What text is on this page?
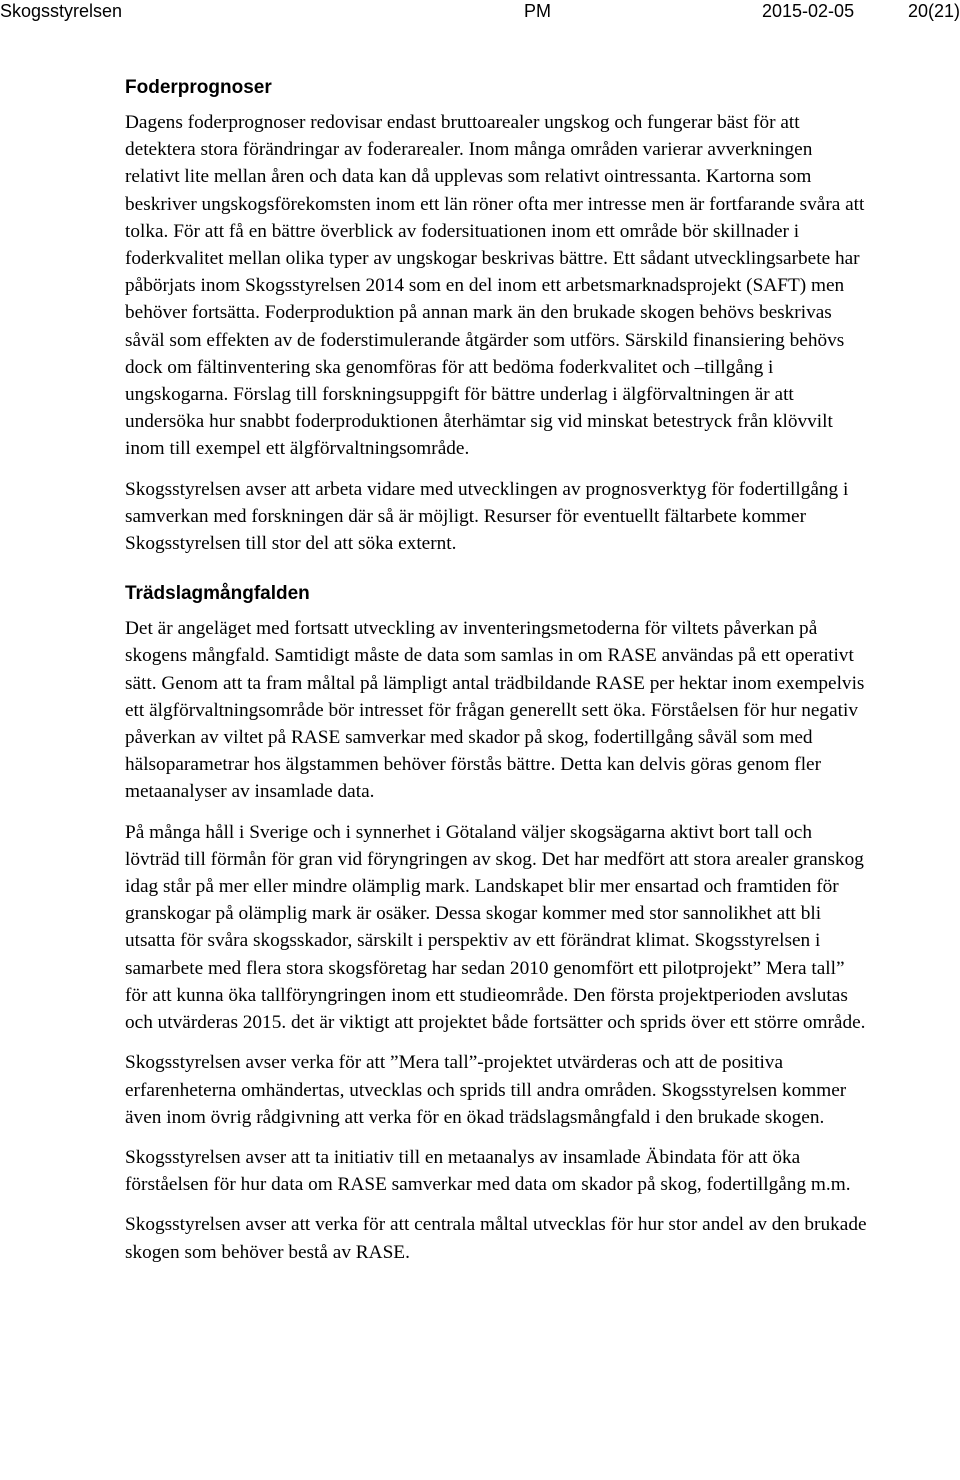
Skogsstyrelsen	PM	2015-02-05	20(21)
Foderprognoser

Dagens foderprognoser redovisar endast bruttoarealer ungskog och fungerar bäst för att detektera stora förändringar av foderarealer. Inom många områden varierar avverkningen relativt lite mellan åren och data kan då upplevas som relativt ointressanta. Kartorna som beskriver ungskogsförekomsten inom ett län röner ofta mer intresse men är fortfarande svåra att tolka. För att få en bättre överblick av fodersituationen inom ett område bör skillnader i foderkvalitet mellan olika typer av ungskogar beskrivas bättre. Ett sådant utvecklingsarbete har påbörjats inom Skogsstyrelsen 2014 som en del inom ett arbetsmarknadsprojekt (SAFT) men behöver fortsätta. Foderproduktion på annan mark än den brukade skogen behövs beskrivas såväl som effekten av de foderstimulerande åtgärder som utförs. Särskild finansiering behövs dock om fältinventering ska genomföras för att bedöma foderkvalitet och –tillgång i ungskogarna. Förslag till forskningsuppgift för bättre underlag i älgförvaltningen är att undersöka hur snabbt foderproduktionen återhämtar sig vid minskat betestryck från klövvilt inom till exempel ett älgförvaltningsområde.

Skogsstyrelsen avser att arbeta vidare med utvecklingen av prognosverktyg för fodertillgång i samverkan med forskningen där så är möjligt. Resurser för eventuellt fältarbete kommer Skogsstyrelsen till stor del att söka externt.

Trädslagmångfalden

Det är angeläget med fortsatt utveckling av inventeringsmetoderna för viltets påverkan på skogens mångfald. Samtidigt måste de data som samlas in om RASE användas på ett operativt sätt. Genom att ta fram måltal på lämpligt antal trädbildande RASE per hektar inom exempelvis ett älgförvaltningsområde bör intresset för frågan generellt sett öka. Förståelsen för hur negativ påverkan av viltet på RASE samverkar med skador på skog, fodertillgång såväl som med hälsoparametrar hos älgstammen behöver förstås bättre. Detta kan delvis göras genom fler metaanalyser av insamlade data.

På många håll i Sverige och i synnerhet i Götaland väljer skogsägarna aktivt bort tall och lövträd till förmån för gran vid föryngringen av skog. Det har medfört att stora arealer granskog idag står på mer eller mindre olämplig mark. Landskapet blir mer ensartad och framtiden för granskogar på olämplig mark är osäker. Dessa skogar kommer med stor sannolikhet att bli utsatta för svåra skogsskador, särskilt i perspektiv av ett förändrat klimat. Skogsstyrelsen i samarbete med flera stora skogsföretag har sedan 2010 genomfört ett pilotprojekt” Mera tall” för att kunna öka tallföryngringen inom ett studieområde. Den första projektperioden avslutas och utvärderas 2015. det är viktigt att projektet både fortsätter och sprids över ett större område.

Skogsstyrelsen avser verka för att ”Mera tall”-projektet utvärderas och att de positiva erfarenheterna omhändertas, utvecklas och sprids till andra områden. Skogsstyrelsen kommer även inom övrig rådgivning att verka för en ökad trädslagsmångfald i den brukade skogen.

Skogsstyrelsen avser att ta initiativ till en metaanalys av insamlade Äbindata för att öka förståelsen för hur data om RASE samverkar med data om skador på skog, fodertillgång m.m.

Skogsstyrelsen avser att verka för att centrala måltal utvecklas för hur stor andel av den brukade skogen som behöver bestå av RASE.
